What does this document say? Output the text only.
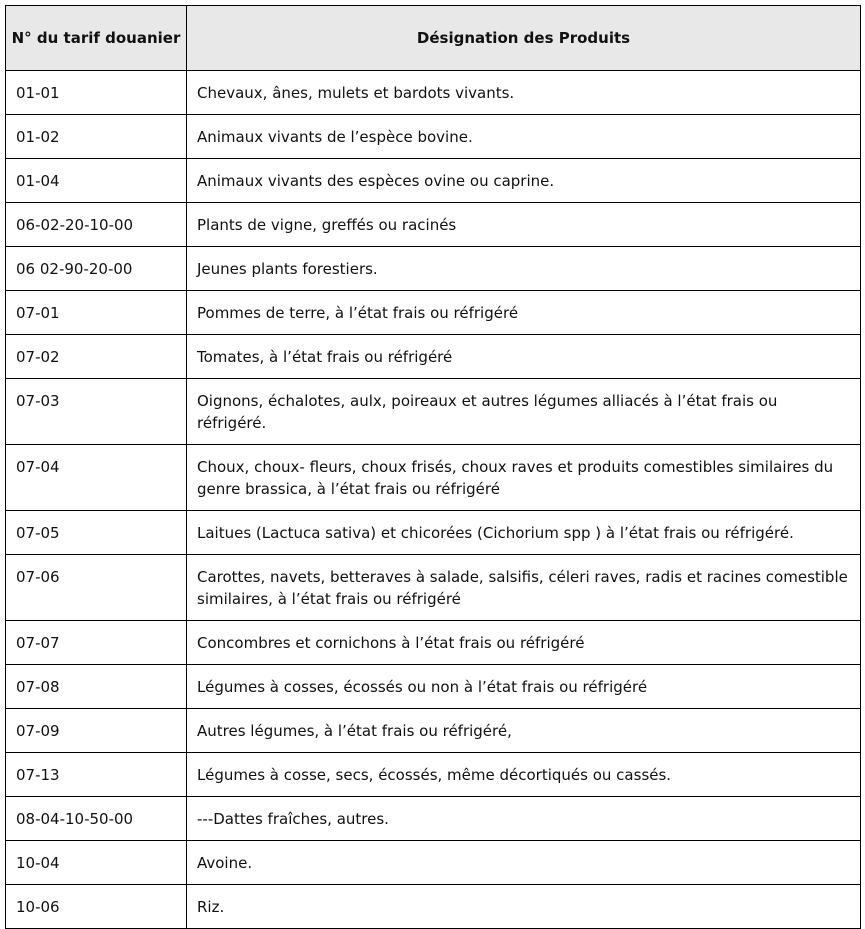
N° du tarif douanier	Désignation des Produits
01-01	Chevaux, ânes, mulets et bardots vivants.
01-02	Animaux vivants de l’espèce bovine.
01-04	Animaux vivants des espèces ovine ou caprine.
06-02-20-10-00	Plants de vigne, greffés ou racinés
06 02-90-20-00	Jeunes plants forestiers.
07-01	Pommes de terre, à l’état frais ou réfrigéré
07-02	Tomates, à l’état frais ou réfrigéré
07-03	Oignons, échalotes, aulx, poireaux et autres légumes alliacés à l’état frais ou réfrigéré.
07-04	Choux, choux- fleurs, choux frisés, choux raves et produits comestibles similaires du genre brassica, à l’état frais ou réfrigéré
07-05	Laitues (Lactuca sativa) et chicorées (Cichorium spp ) à l’état frais ou réfrigéré.
07-06	Carottes, navets, betteraves à salade, salsifis, céleri raves, radis et racines comestible similaires, à l’état frais ou réfrigéré
07-07	Concombres et cornichons à l’état frais ou réfrigéré
07-08	Légumes à cosses, écossés ou non à l’état frais ou réfrigéré
07-09	Autres légumes, à l’état frais ou réfrigéré,
07-13	Légumes à cosse, secs, écossés, même décortiqués ou cassés.
08-04-10-50-00	---Dattes fraîches, autres.
10-04	Avoine.
10-06	Riz.
